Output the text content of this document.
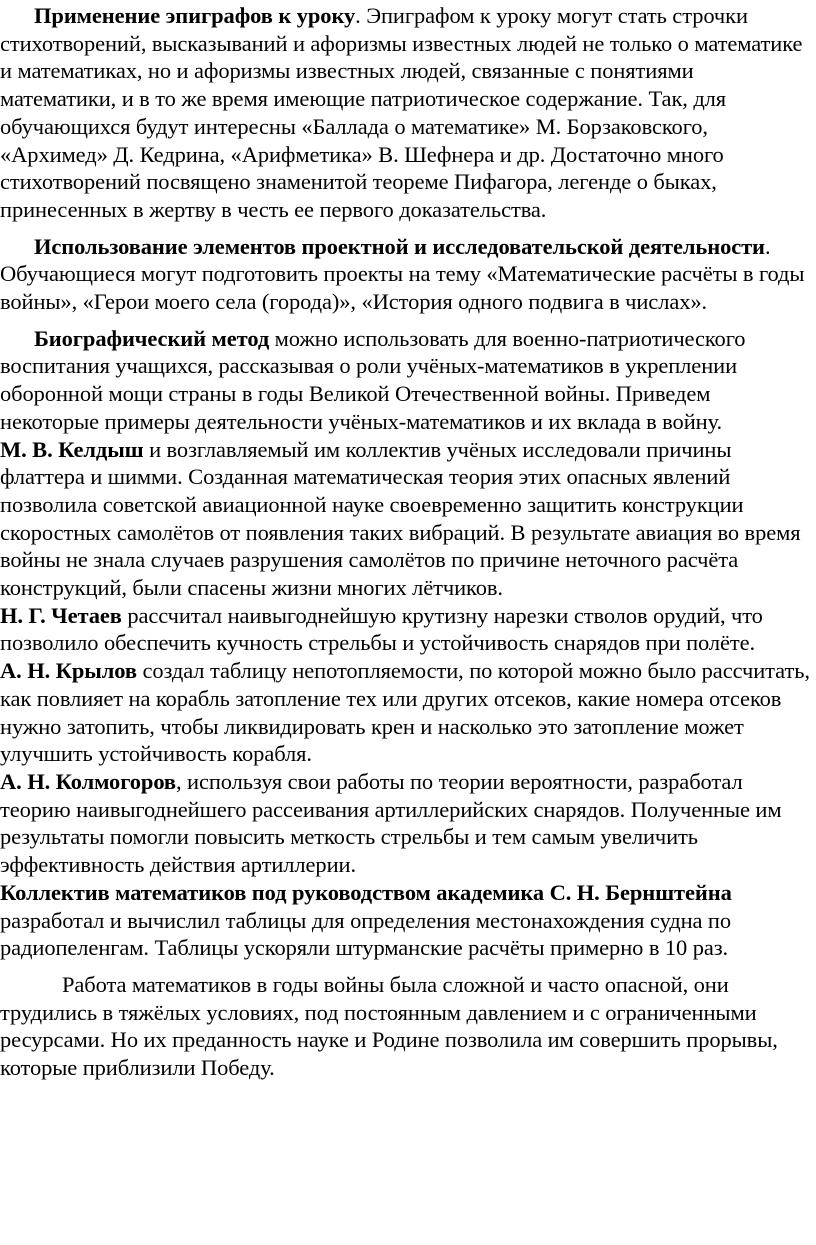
Применение эпиграфов к уроку. Эпиграфом к уроку могут стать строчки стихотворений, высказываний и афоризмы известных людей не только о математике и математиках, но и афоризмы известных людей, связанные с понятиями математики, и в то же время имеющие патриотическое содержание. Так, для обучающихся будут интересны «Баллада о математике» М. Борзаковского, «Архимед» Д. Кедрина, «Арифметика» В. Шефнера и др. Достаточно много стихотворений посвящено знаменитой теореме Пифагора, легенде о быках, принесенных в жертву в честь ее первого доказательства.

Использование элементов проектной и исследовательской деятельности. Обучающиеся могут подготовить проекты на тему «Математические расчёты в годы войны», «Герои моего села (города)», «История одного подвига в числах».

Биографический метод можно использовать для военно-патриотического воспитания учащихся, рассказывая о роли учёных-математиков в укреплении оборонной мощи страны в годы Великой Отечественной войны. Приведем некоторые примеры деятельности учёных-математиков и их вклада в войну.

М. В. Келдыш и возглавляемый им коллектив учёных исследовали причины флаттера и шимми. Созданная математическая теория этих опасных явлений позволила советской авиационной науке своевременно защитить конструкции скоростных самолётов от появления таких вибраций. В результате авиация во время войны не знала случаев разрушения самолётов по причине неточного расчёта конструкций, были спасены жизни многих лётчиков.

Н. Г. Четаев рассчитал наивыгоднейшую крутизну нарезки стволов орудий, что позволило обеспечить кучность стрельбы и устойчивость снарядов при полёте.

А. Н. Крылов создал таблицу непотопляемости, по которой можно было рассчитать, как повлияет на корабль затопление тех или других отсеков, какие номера отсеков нужно затопить, чтобы ликвидировать крен и насколько это затопление может улучшить устойчивость корабля.

А. Н. Колмогоров, используя свои работы по теории вероятности, разработал теорию наивыгоднейшего рассеивания артиллерийских снарядов. Полученные им результаты помогли повысить меткость стрельбы и тем самым увеличить эффективность действия артиллерии.

Коллектив математиков под руководством академика С. Н. Бернштейна разработал и вычислил таблицы для определения местонахождения судна по радиопеленгам. Таблицы ускоряли штурманские расчёты примерно в 10 раз.

Работа математиков в годы войны была сложной и часто опасной, они трудились в тяжёлых условиях, под постоянным давлением и с ограниченными ресурсами. Но их преданность науке и Родине позволила им совершить прорывы, которые приблизили Победу.
